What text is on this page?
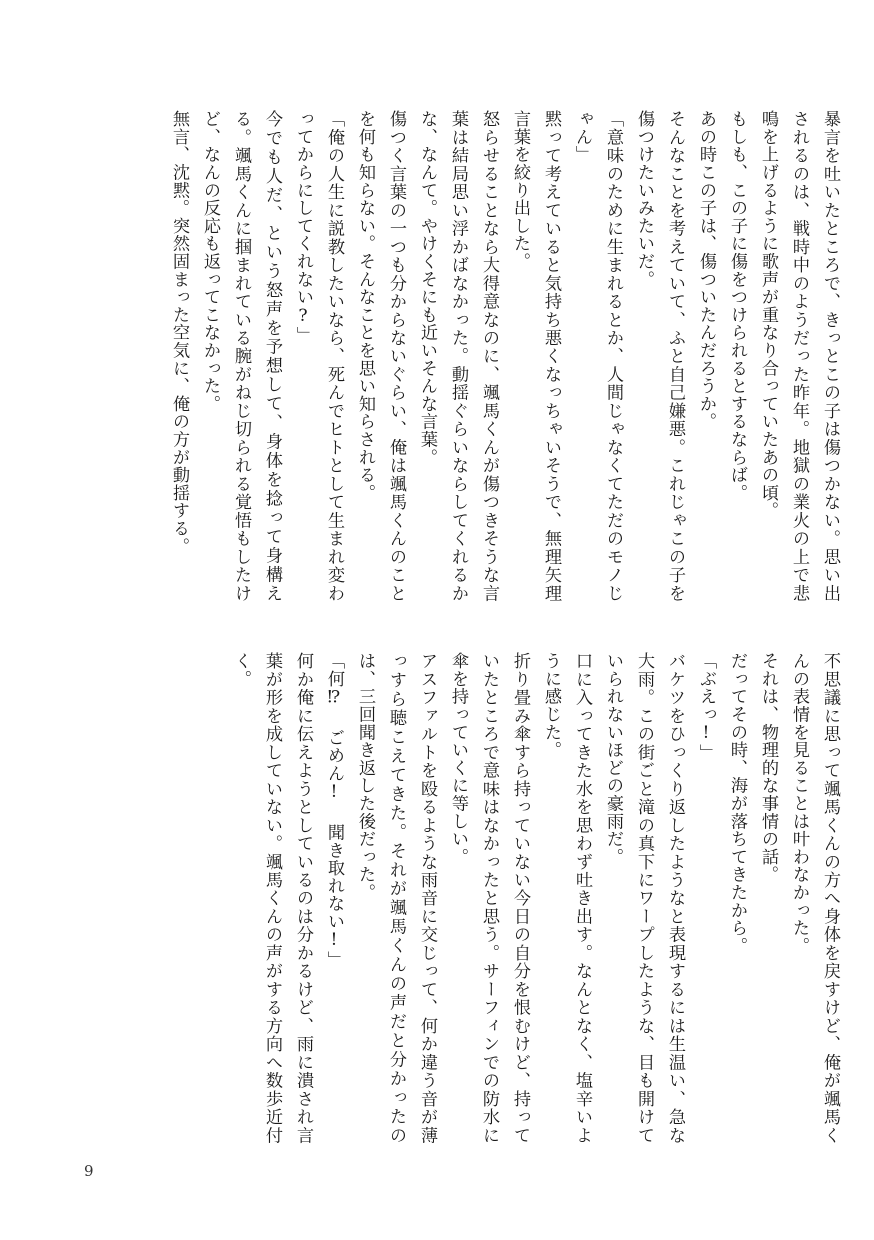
暴言を吐いたところで、きっとこの子は傷つかない。思い出されるのは、戦時中のようだった昨年。地獄の業火の上で悲鳴を上げるように歌声が重なり合っていたあの頃。

もしも、この子に傷をつけられるとするならば。

あの時この子は、傷ついたんだろうか。

そんなことを考えていて、ふと自己嫌悪。これじゃこの子を傷つけたいみたいだ。

「意味のために生まれるとか、人間じゃなくてただのモノじゃん」

黙って考えていると気持ち悪くなっちゃいそうで、無理矢理言葉を絞り出した。

怒らせることなら大得意なのに、颯馬くんが傷つきそうな言葉は結局思い浮かばなかった。動揺ぐらいならしてくれるかな、なんて。やけくそにも近いそんな言葉。

傷つく言葉の一つも分からないぐらい、俺は颯馬くんのことを何も知らない。そんなことを思い知らされる。

「俺の人生に説教したいなら、死んでヒトとして生まれ変わってからにしてくれない?」

今でも人だ、という怒声を予想して、身体を捻って身構える。颯馬くんに掴まれている腕がねじ切られる覚悟もしたけど、なんの反応も返ってこなかった。

無言、沈黙。突然固まった空気に、俺の方が動揺する。

不思議に思って颯馬くんの方へ身体を戻すけど、俺が颯馬くんの表情を見ることは叶わなかった。

それは、物理的な事情の話。

だってその時、海が落ちてきたから。

「ぶえっ!」

バケツをひっくり返したようなと表現するには生温い、急な大雨。この街ごと滝の真下にワープしたような、目も開けていられないほどの豪雨だ。

口に入ってきた水を思わず吐き出す。なんとなく、塩辛いように感じた。

折り畳み傘すら持っていない今日の自分を恨むけど、持っていたところで意味はなかったと思う。サーフィンでの防水に傘を持っていくに等しい。

アスファルトを殴るような雨音に交じって、何か違う音が薄っすら聴こえてきた。それが颯馬くんの声だと分かったのは、三回聞き返した後だった。

「何⁉ ごめん! 聞き取れない!」

何か俺に伝えようとしているのは分かるけど、雨に潰され言葉が形を成していない。颯馬くんの声がする方向へ数歩近付く。

9
